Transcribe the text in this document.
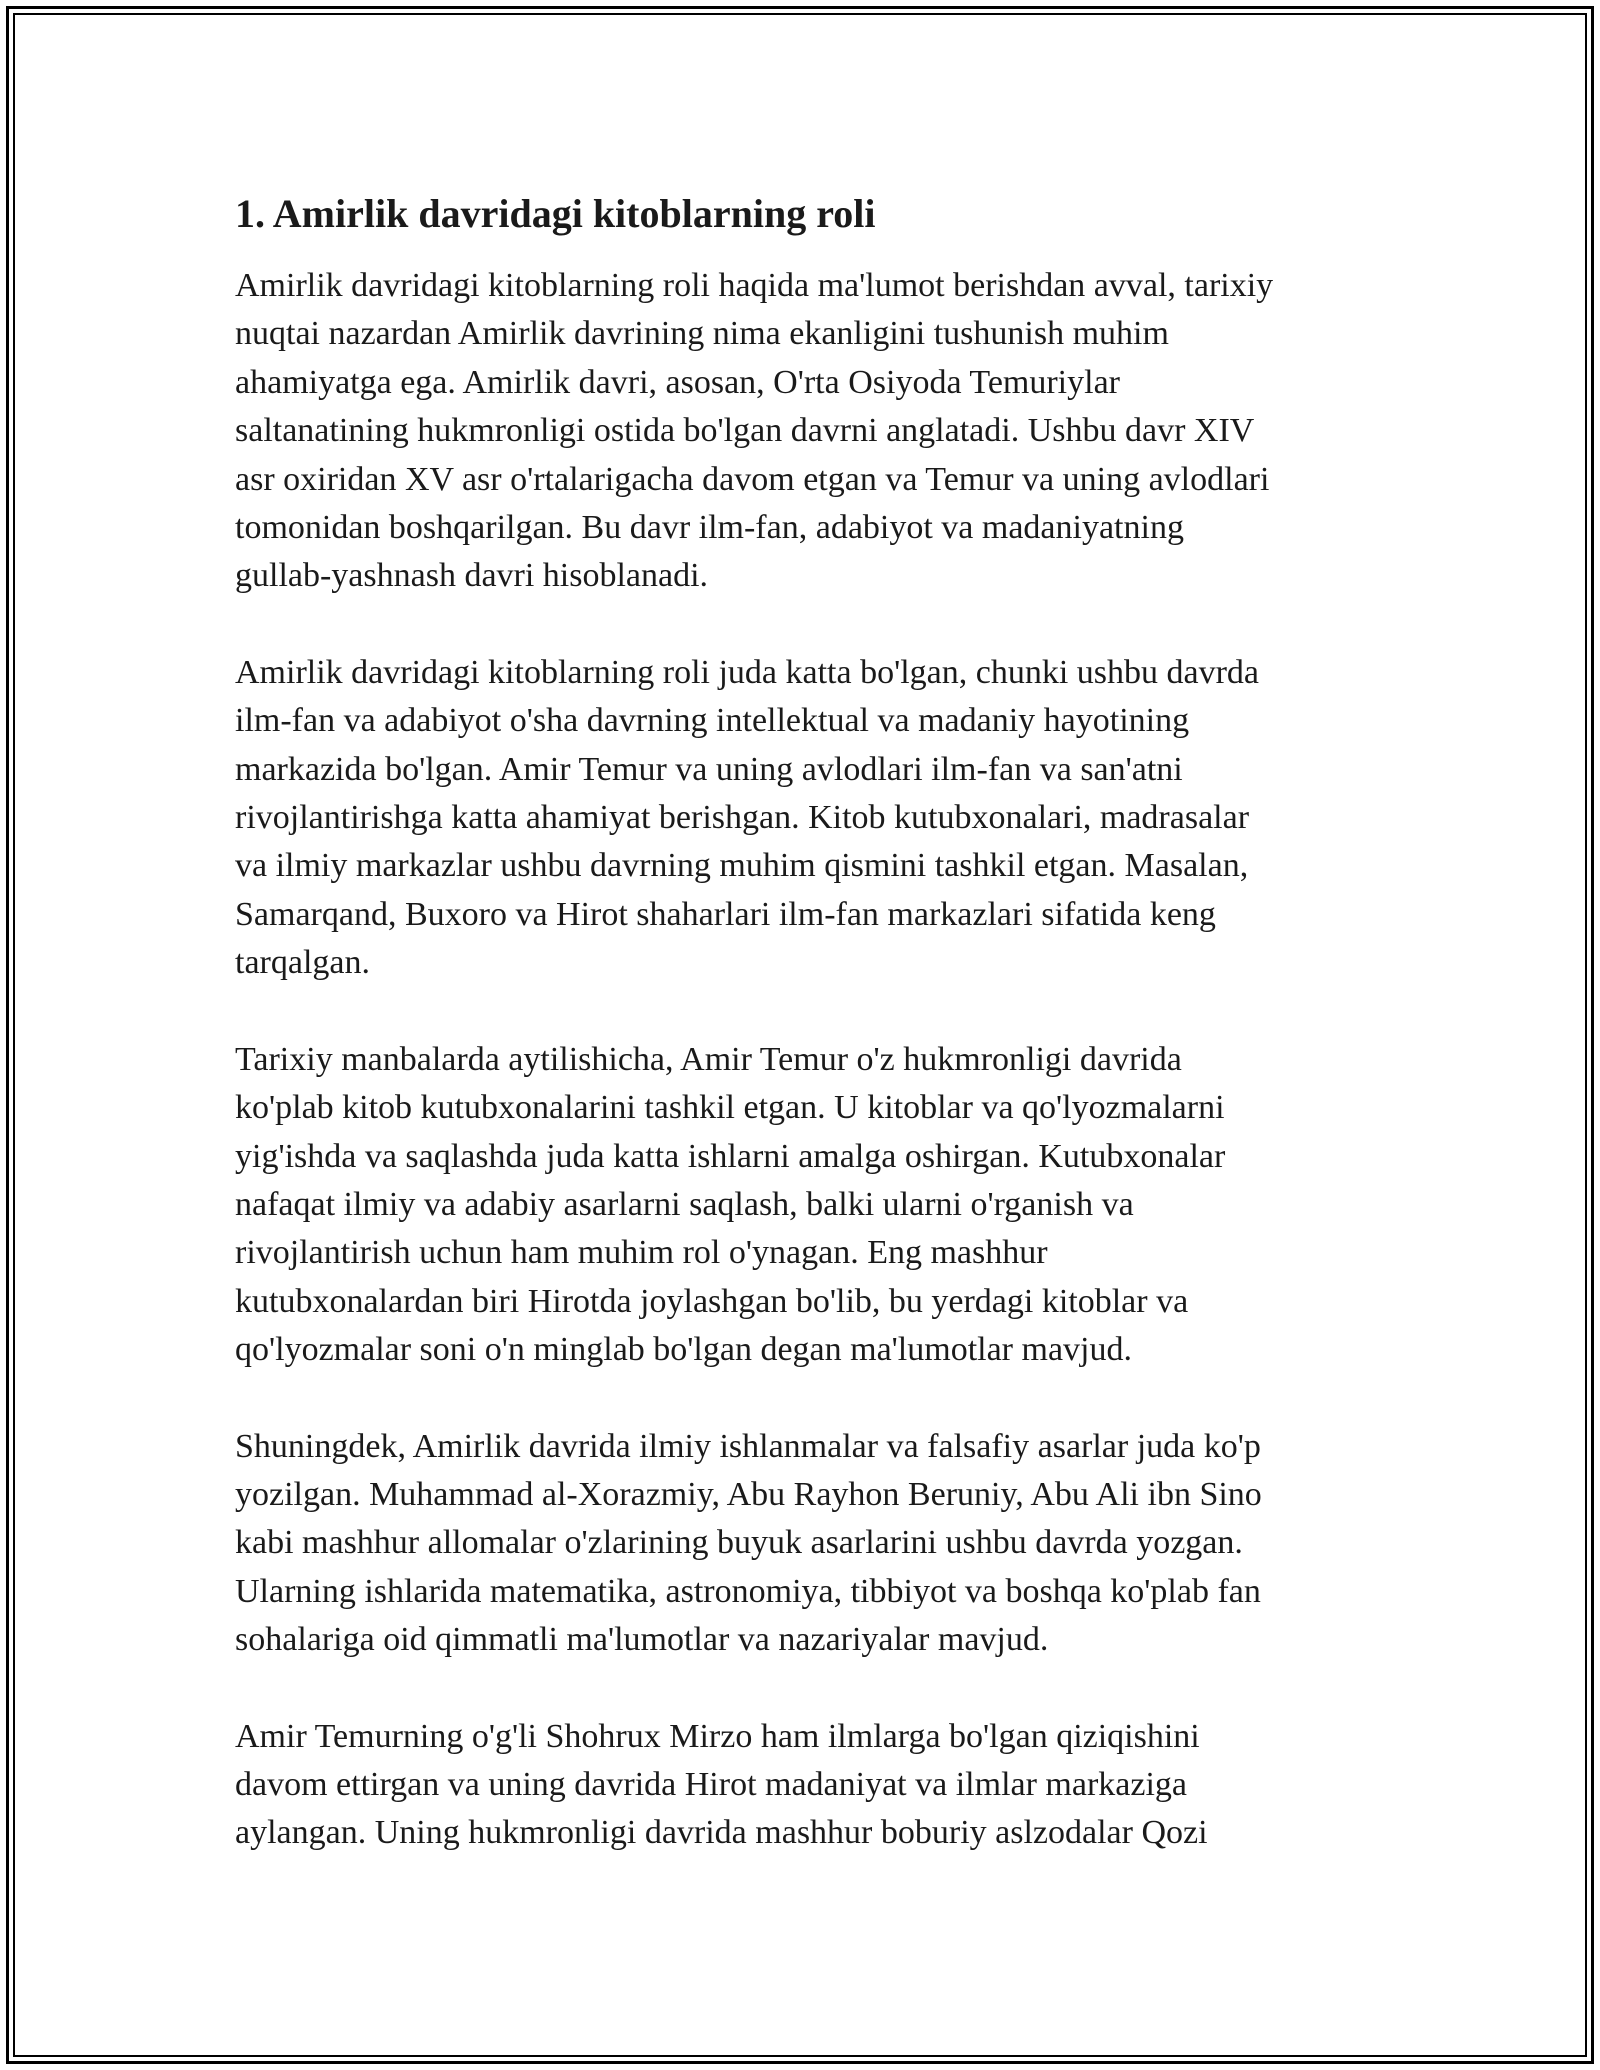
1. Amirlik davridagi kitoblarning roli

Amirlik davridagi kitoblarning roli haqida ma'lumot berishdan avval, tarixiy
nuqtai nazardan Amirlik davrining nima ekanligini tushunish muhim
ahamiyatga ega. Amirlik davri, asosan, O'rta Osiyoda Temuriylar
saltanatining hukmronligi ostida bo'lgan davrni anglatadi. Ushbu davr XIV
asr oxiridan XV asr o'rtalarigacha davom etgan va Temur va uning avlodlari
tomonidan boshqarilgan. Bu davr ilm-fan, adabiyot va madaniyatning
gullab-yashnash davri hisoblanadi.

Amirlik davridagi kitoblarning roli juda katta bo'lgan, chunki ushbu davrda
ilm-fan va adabiyot o'sha davrning intellektual va madaniy hayotining
markazida bo'lgan. Amir Temur va uning avlodlari ilm-fan va san'atni
rivojlantirishga katta ahamiyat berishgan. Kitob kutubxonalari, madrasalar
va ilmiy markazlar ushbu davrning muhim qismini tashkil etgan. Masalan,
Samarqand, Buxoro va Hirot shaharlari ilm-fan markazlari sifatida keng
tarqalgan.

Tarixiy manbalarda aytilishicha, Amir Temur o'z hukmronligi davrida
ko'plab kitob kutubxonalarini tashkil etgan. U kitoblar va qo'lyozmalarni
yig'ishda va saqlashda juda katta ishlarni amalga oshirgan. Kutubxonalar
nafaqat ilmiy va adabiy asarlarni saqlash, balki ularni o'rganish va
rivojlantirish uchun ham muhim rol o'ynagan. Eng mashhur
kutubxonalardan biri Hirotda joylashgan bo'lib, bu yerdagi kitoblar va
qo'lyozmalar soni o'n minglab bo'lgan degan ma'lumotlar mavjud.

Shuningdek, Amirlik davrida ilmiy ishlanmalar va falsafiy asarlar juda ko'p
yozilgan. Muhammad al-Xorazmiy, Abu Rayhon Beruniy, Abu Ali ibn Sino
kabi mashhur allomalar o'zlarining buyuk asarlarini ushbu davrda yozgan.
Ularning ishlarida matematika, astronomiya, tibbiyot va boshqa ko'plab fan
sohalariga oid qimmatli ma'lumotlar va nazariyalar mavjud.

Amir Temurning o'g'li Shohrux Mirzo ham ilmlarga bo'lgan qiziqishini
davom ettirgan va uning davrida Hirot madaniyat va ilmlar markaziga
aylangan. Uning hukmronligi davrida mashhur boburiy aslzodalar Qozi
